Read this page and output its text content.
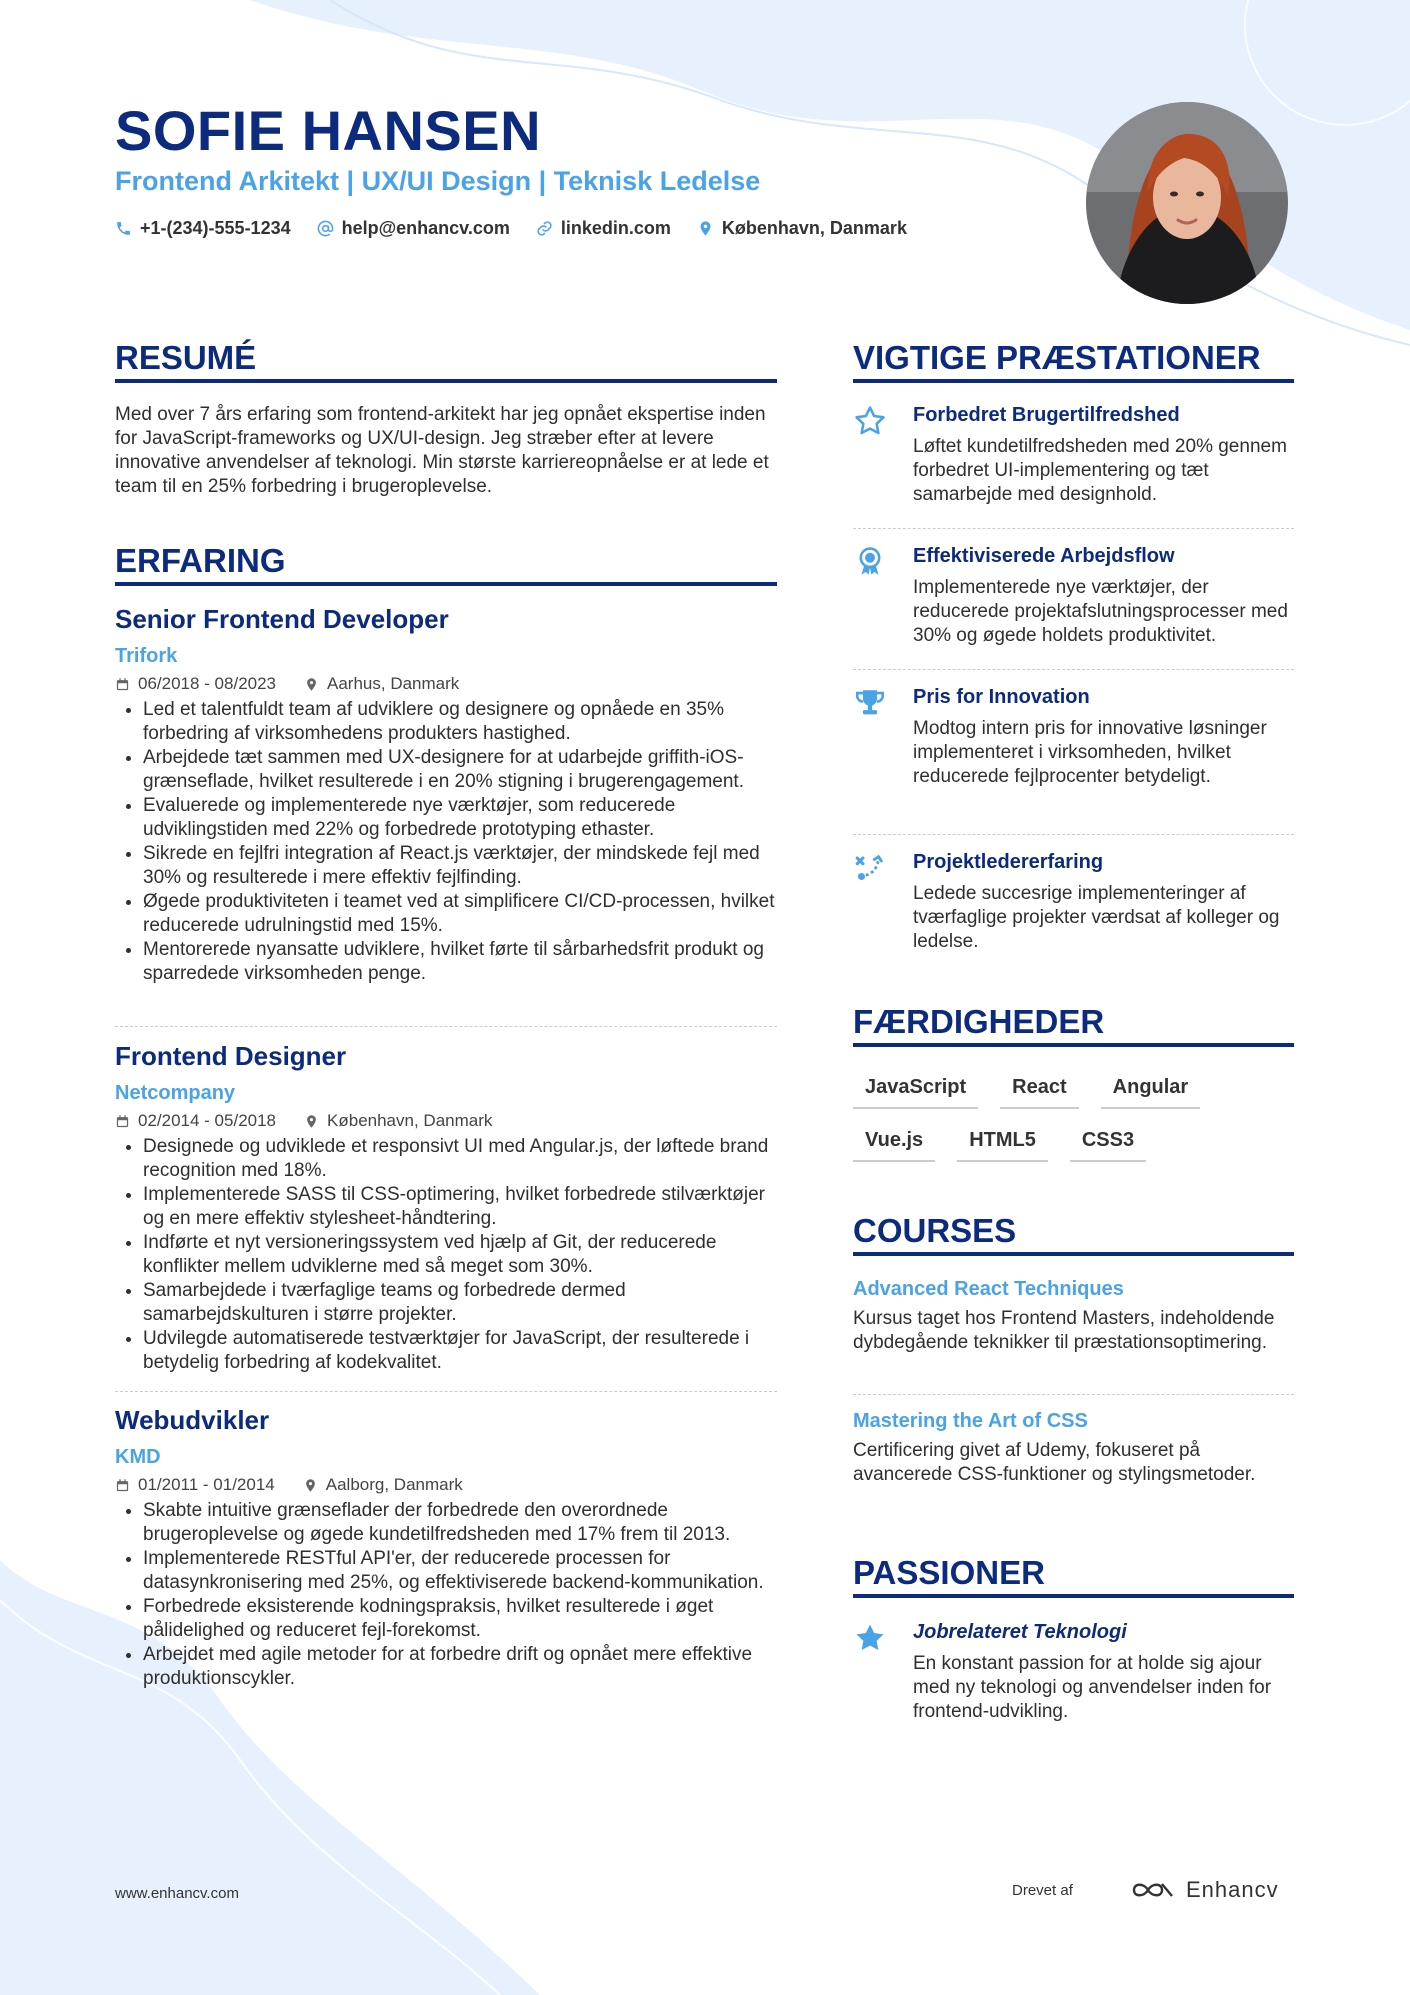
SOFIE HANSEN
Frontend Arkitekt | UX/UI Design | Teknisk Ledelse
+1-(234)-555-1234	help@enhancv.com	linkedin.com	København, Danmark
RESUMÉ

Med over 7 års erfaring som frontend-arkitekt har jeg opnået ekspertise inden for JavaScript-frameworks og UX/UI-design. Jeg stræber efter at levere innovative anvendelser af teknologi. Min største karriereopnåelse er at lede et team til en 25% forbedring i brugeroplevelse.

ERFARING
Senior Frontend Developer
Trifork
06/2018 - 08/2023	Aarhus, Danmark
• Led et talentfuldt team af udviklere og designere og opnåede en 35% forbedring af virksomhedens produkters hastighed.
• Arbejdede tæt sammen med UX-designere for at udarbejde griffith-iOS-grænseflade, hvilket resulterede i en 20% stigning i brugerengagement.
• Evaluerede og implementerede nye værktøjer, som reducerede udviklingstiden med 22% og forbedrede prototyping ethaster.
• Sikrede en fejlfri integration af React.js værktøjer, der mindskede fejl med 30% og resulterede i mere effektiv fejlfinding.
• Øgede produktiviteten i teamet ved at simplificere CI/CD-processen, hvilket reducerede udrulningstid med 15%.
• Mentorerede nyansatte udviklere, hvilket førte til sårbarhedsfrit produkt og sparredede virksomheden penge.
Frontend Designer
Netcompany
02/2014 - 05/2018	København, Danmark
• Designede og udviklede et responsivt UI med Angular.js, der løftede brand recognition med 18%.
• Implementerede SASS til CSS-optimering, hvilket forbedrede stilværktøjer og en mere effektiv stylesheet-håndtering.
• Indførte et nyt versioneringssystem ved hjælp af Git, der reducerede konflikter mellem udviklerne med så meget som 30%.
• Samarbejdede i tværfaglige teams og forbedrede dermed samarbejdskulturen i større projekter.
• Udvilegde automatiserede testværktøjer for JavaScript, der resulterede i betydelig forbedring af kodekvalitet.
Webudvikler
KMD
01/2011 - 01/2014	Aalborg, Danmark
• Skabte intuitive grænseflader der forbedrede den overordnede brugeroplevelse og øgede kundetilfredsheden med 17% frem til 2013.
• Implementerede RESTful API'er, der reducerede processen for datasynkronisering med 25%, og effektiviserede backend-kommunikation.
• Forbedrede eksisterende kodningspraksis, hvilket resulterede i øget pålidelighed og reduceret fejl-forekomst.
• Arbejdet med agile metoder for at forbedre drift og opnået mere effektive produktionscykler.
VIGTIGE PRÆSTATIONER
Forbedret Brugertilfredshed
Løftet kundetilfredsheden med 20% gennem forbedret UI-implementering og tæt samarbejde med designhold.
Effektiviserede Arbejdsflow
Implementerede nye værktøjer, der reducerede projektafslutningsprocesser med 30% og øgede holdets produktivitet.
Pris for Innovation
Modtog intern pris for innovative løsninger implementeret i virksomheden, hvilket reducerede fejlprocenter betydeligt.
Projektledererfaring
Ledede succesrige implementeringer af tværfaglige projekter værdsat af kolleger og ledelse.
FÆRDIGHEDER
JavaScript	React	Angular
Vue.js	HTML5	CSS3
COURSES
Advanced React Techniques
Kursus taget hos Frontend Masters, indeholdende dybdegående teknikker til præstationsoptimering.
Mastering the Art of CSS
Certificering givet af Udemy, fokuseret på avancerede CSS-funktioner og stylingsmetoder.
PASSIONER
Jobrelateret Teknologi
En konstant passion for at holde sig ajour med ny teknologi og anvendelser inden for frontend-udvikling.
www.enhancv.com	Drevet af	Enhancv
